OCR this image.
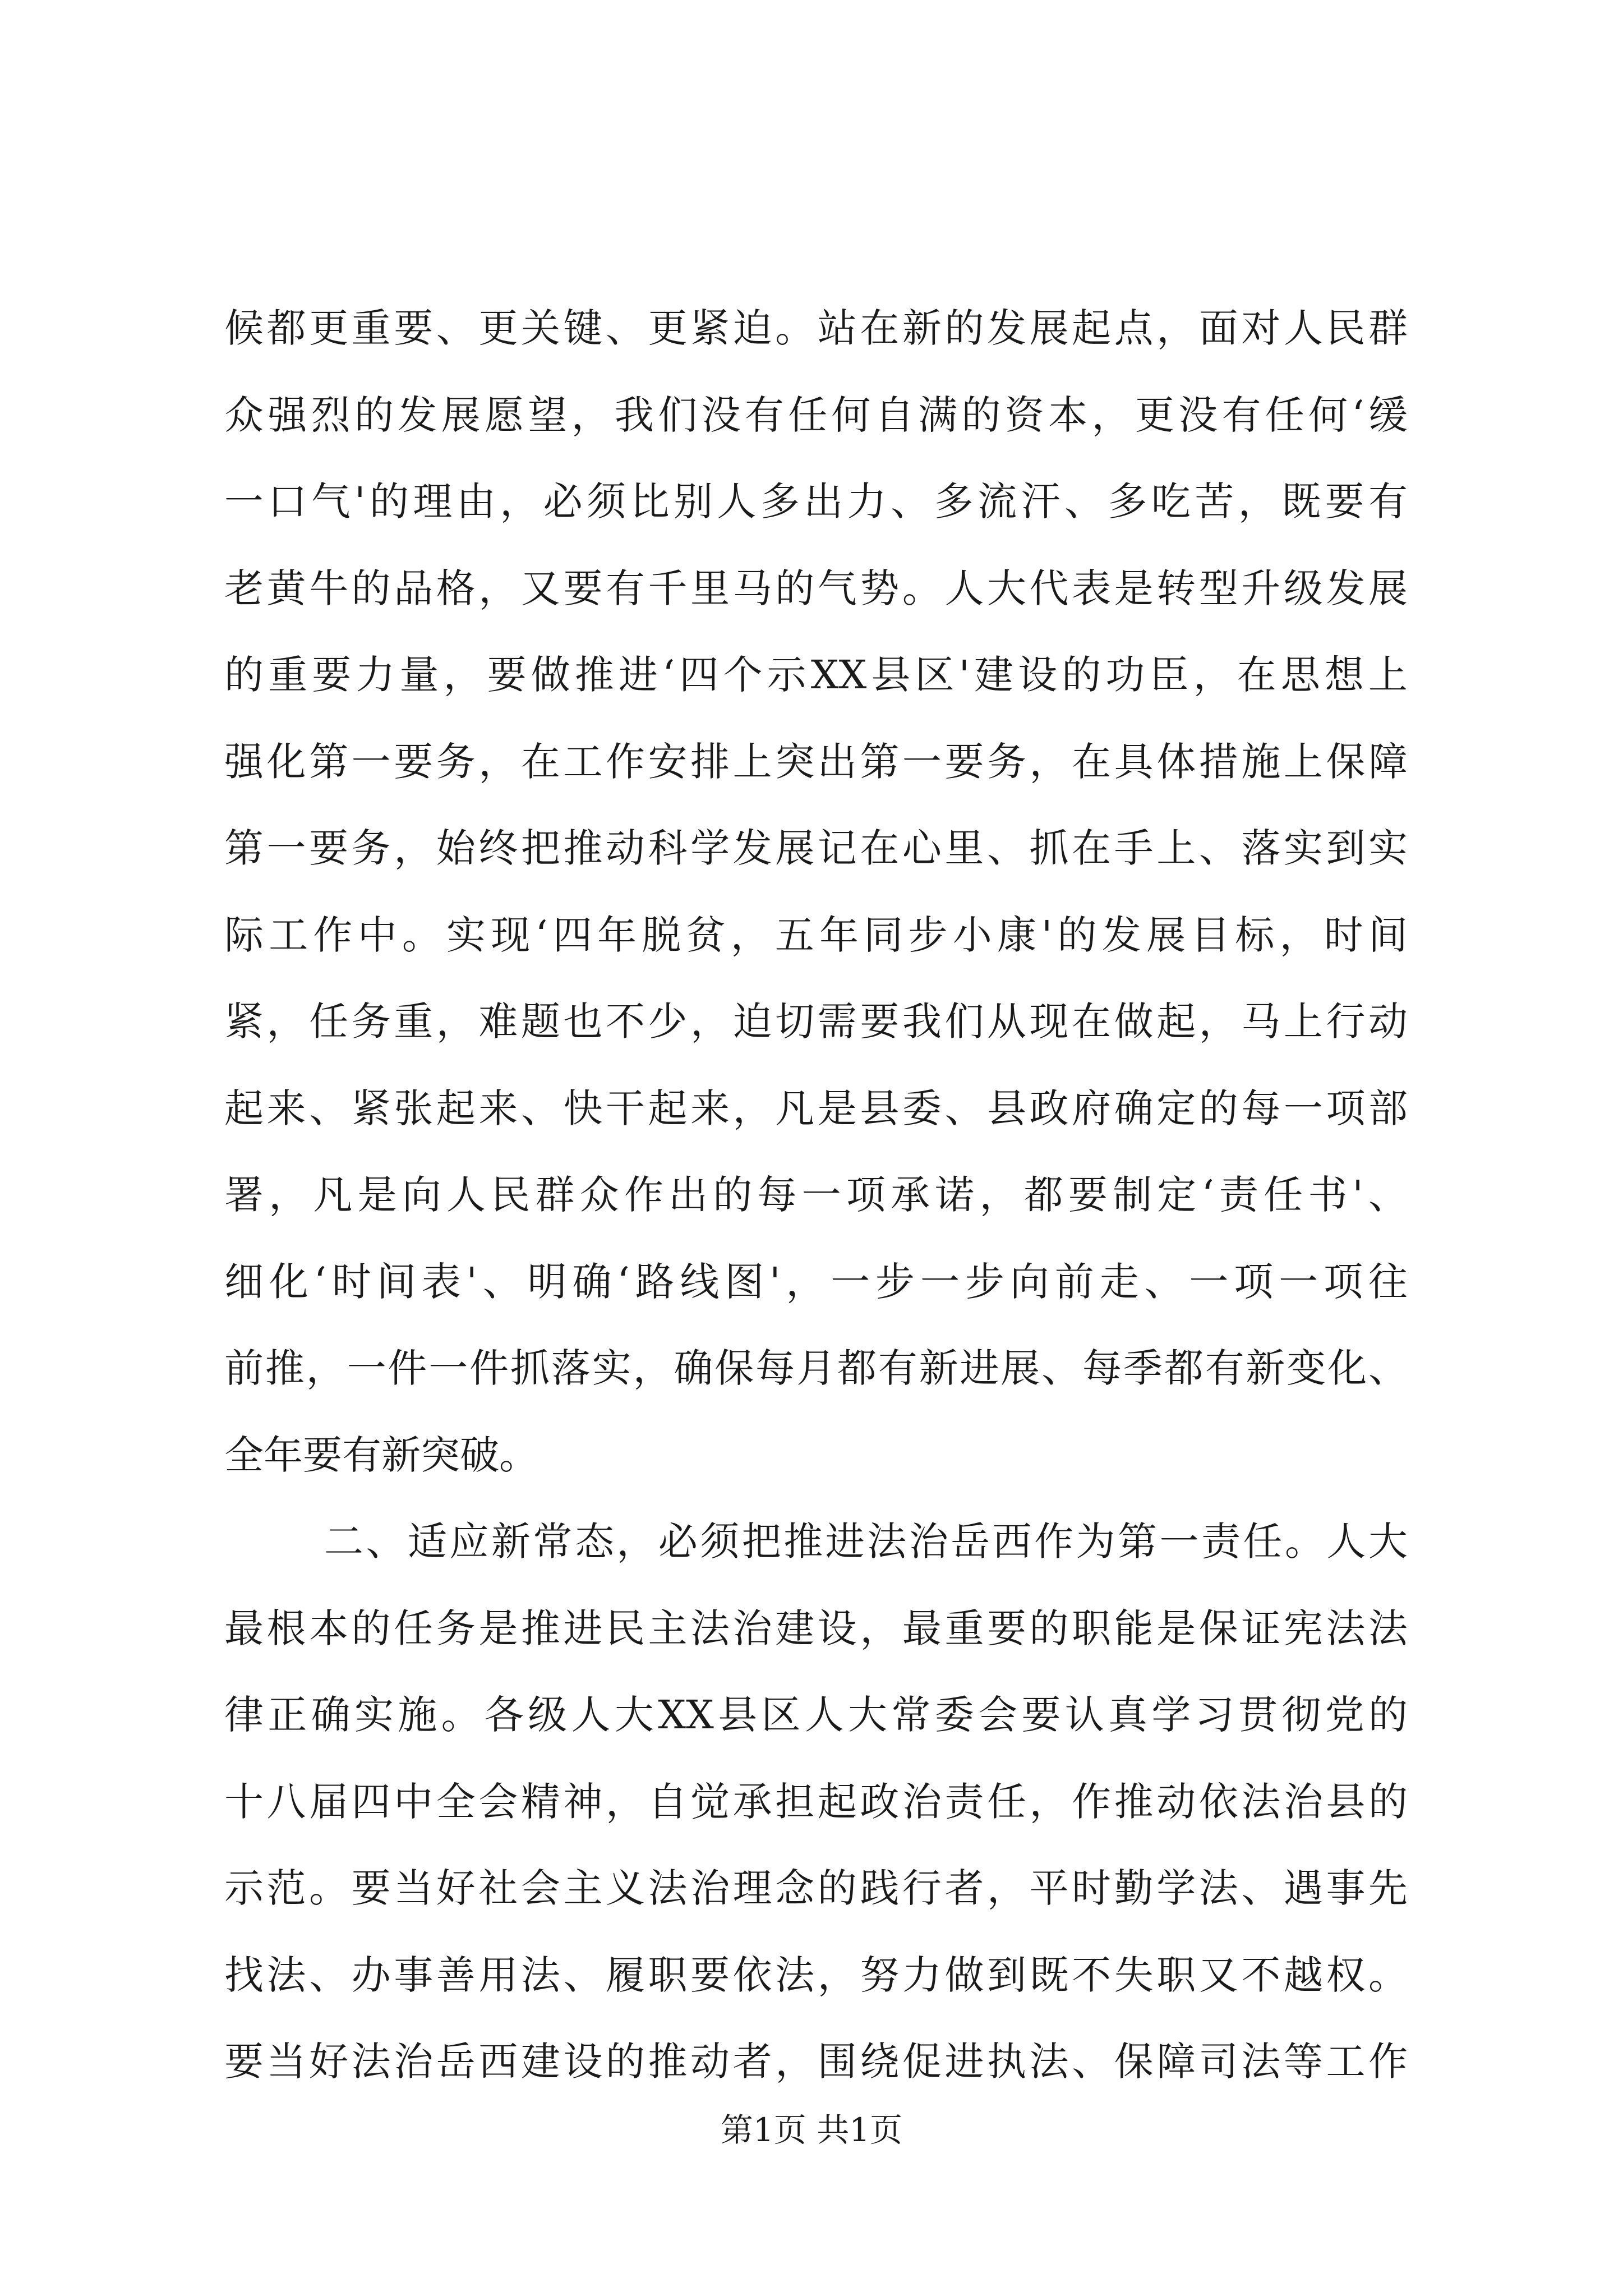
候都更重要、更关键、更紧迫。站在新的发展起点，面对人民群
众强烈的发展愿望，我们没有任何自满的资本，更没有任何‘缓
一口气'的理由，必须比别人多出力、多流汗、多吃苦，既要有
老黄牛的品格，又要有千里马的气势。人大代表是转型升级发展
的重要力量，要做推进‘四个示XX县区'建设的功臣，在思想上
强化第一要务，在工作安排上突出第一要务，在具体措施上保障
第一要务，始终把推动科学发展记在心里、抓在手上、落实到实
际工作中。实现‘四年脱贫，五年同步小康'的发展目标，时间
紧，任务重，难题也不少，迫切需要我们从现在做起，马上行动
起来、紧张起来、快干起来，凡是县委、县政府确定的每一项部
署，凡是向人民群众作出的每一项承诺，都要制定‘责任书'、
细化‘时间表'、明确‘路线图'，一步一步向前走、一项一项往
前推，一件一件抓落实，确保每月都有新进展、每季都有新变化、
全年要有新突破。
二、适应新常态，必须把推进法治岳西作为第一责任。人大
最根本的任务是推进民主法治建设，最重要的职能是保证宪法法
律正确实施。各级人大XX县区人大常委会要认真学习贯彻党的
十八届四中全会精神，自觉承担起政治责任，作推动依法治县的
示范。要当好社会主义法治理念的践行者，平时勤学法、遇事先
找法、办事善用法、履职要依法，努力做到既不失职又不越权。
要当好法治岳西建设的推动者，围绕促进执法、保障司法等工作
第1页 共1页
